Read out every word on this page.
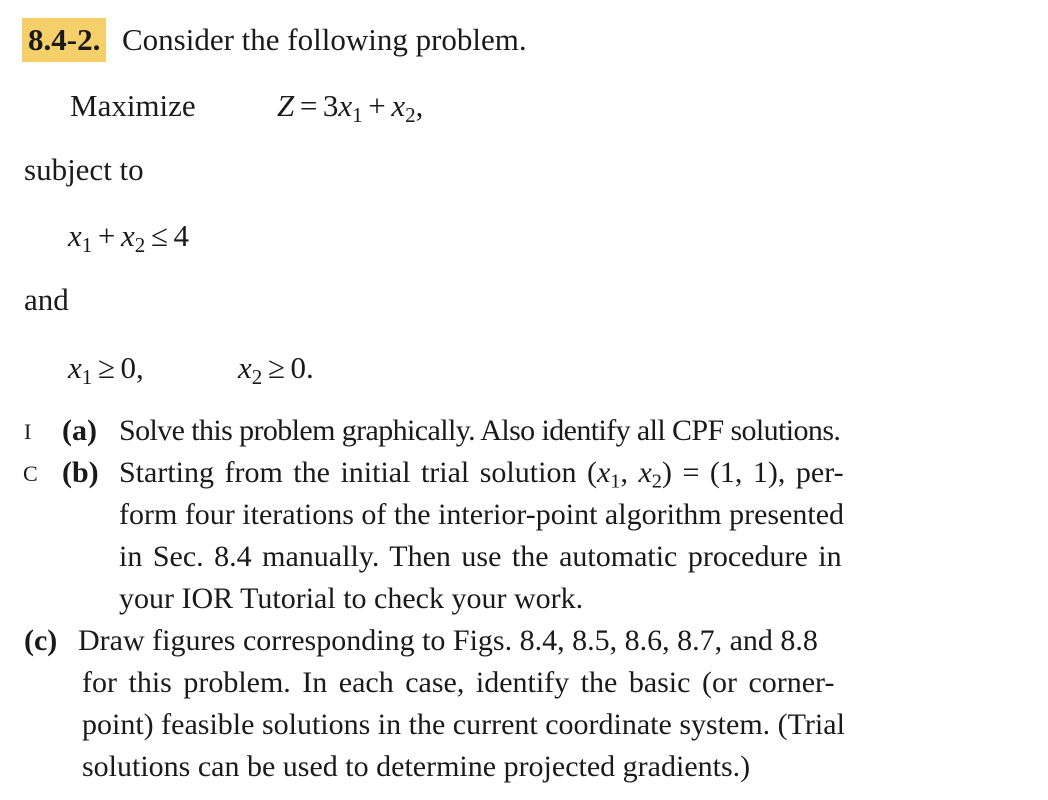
8.4-2. Consider the following problem.
Maximize	$Z = 3x_1 + x_2$,
subject to
$x_1 + x_2 \le 4$
and
$x_1 \ge 0$,	$x_2 \ge 0$.
I (a) Solve this problem graphically. Also identify all CPF solutions.
C (b) Starting from the initial trial solution ($x_1$, $x_2) = (1$, 1), per-
form four iterations of the interior-point algorithm presented
in Sec. 8.4 manually. Then use the automatic procedure in
your IOR Tutorial to check your work.
(c) Draw figures corresponding to Figs. 8.4, 8.5, 8.6, 8.7, and 8.8
for this problem. In each case, identify the basic (or corner-
point) feasible solutions in the current coordinate system. (Trial
solutions can be used to determine projected gradients.)
